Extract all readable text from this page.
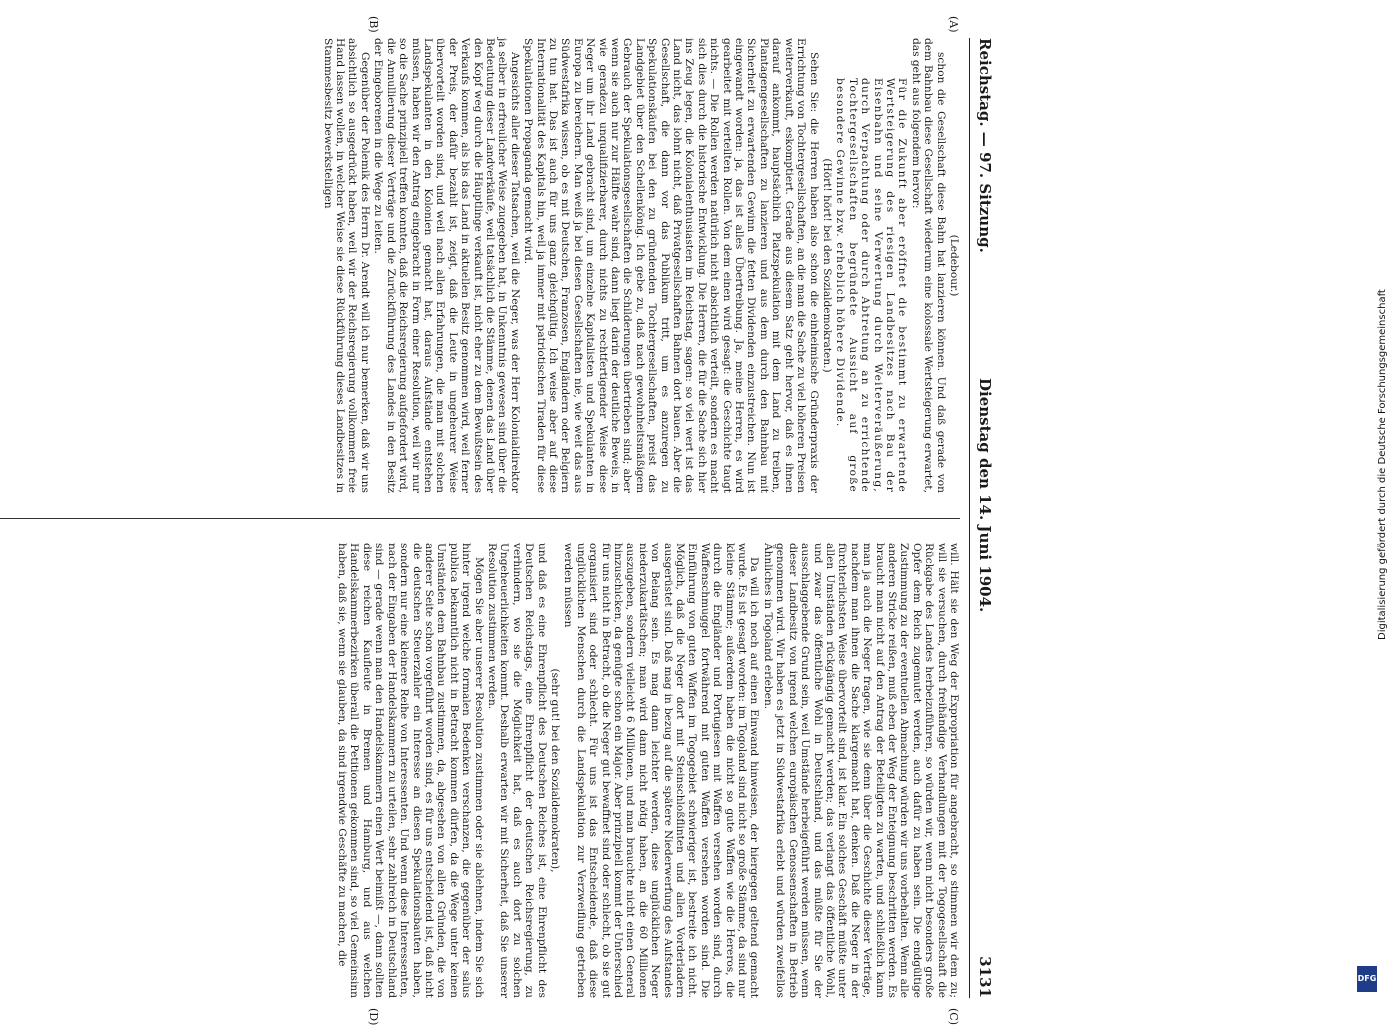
Reichstag. — 97. Sitzung.
Dienstag den 14. Juni 1904.
3131
(A)
(B)
(C)
(D)

(Ledebour.)

schon die Gesellschaft diese Bahn hat lanzieren können. Und daß gerade von dem Bahnbau diese Gesellschaft wiederum eine kolossale Wertsteigerung erwartet, das geht aus folgendem hervor:

Für die Zukunft aber eröffnet die bestimmt zu erwartende Wertsteigerung des riesigen Landbesitzes nach Bau der Eisenbahn und seine Verwertung durch Weiterveräußerung, durch Verpachtung oder durch Abtretung an zu errichtende Tochtergesellschaften begründete Aussicht auf große besondere Gewinne bzw. erheblich höhere Dividende.

(Hört! hört! bei den Sozialdemokraten.)

Sehen Sie: die Herren haben also schon die einheimische Gründerpraxis der Errichtung von Tochtergesellschaften, an die man die Sache zu viel höheren Preisen weiterverkauft, eskomptiert. Gerade aus diesem Satz geht hervor, daß es ihnen darauf ankommt, hauptsächlich Platzspekulation mit dem Land zu treiben, Plantagengesellschaften zu lanzieren und aus dem durch den Bahnbau mit Sicherheit zu erwartenden Gewinn die fetten Dividenden einzustreichen. Nun ist eingewandt worden: ja, das ist alles Übertreibung. Ja, meine Herren, es wird gearbeitet mit verteilten Rollen. Von dem einen wird gesagt: die Geschichte taugt nichts. — Die Rollen werden natürlich nicht absichtlich verteilt, sondern es macht sich dies durch die historische Entwicklung. Die Herren, die für die Sache sich hier ins Zeug legen, die Kolonialenthusiasten im Reichstag, sagen: so viel wert ist das Land nicht, das lohnt nicht, daß Privatgesellschaften Bahnen dort bauen. Aber die Gesellschaft, die dann vor das Publikum tritt, um es anzuregen zu Spekulationskäufen bei den zu gründenden Tochtergesellschaften, preist das Landgebiet über den Schellenkönig. Ich gebe zu, daß nach gewohnheitsmäßigem Gebrauch der Spekulationsgesellschaften die Schilderungen übertrieben sind; aber wenn sie auch nur zur Hälfte wahr sind, dann liegt darin der deutliche Beweis, in wie geradezu unqualifizierbarer, durch nichts zu rechtfertigender Weise diese Neger um ihr Land gebracht sind, um einzelne Kapitalisten und Spekulanten in Europa zu bereichern. Man weiß ja bei diesen Gesellschaften nie, wie weit das aus Südwestafrika wissen, ob es mit Deutschen, Franzosen, Engländern oder Belgiern zu tun hat. Das ist auch für uns ganz gleichgültig. Ich weise aber auf diese Internationalität des Kapitals hin, weil ja immer mit patriotischen Tiraden für diese Spekulationen Propaganda gemacht wird.

Angesichts aller dieser Tatsachen, weil die Neger, was der Herr Kolonialdirektor ja selber in erfreulicher Weise zugegeben hat, in Unkenntnis gewesen sind über die Bedeutung dieser Landverkäufe, weil tatsächlich die Stämme, denen das Land über den Kopf weg durch die Häuptlinge verkauft ist, nicht eher zu dem Bewußtsein des Verkaufs kommen, als bis das Land in aktuellen Besitz genommen wird, weil ferner der Preis, der dafür bezahlt ist, zeigt, daß die Leute in ungeheurer Weise übervorteilt worden sind, und weil nach allen Erfahrungen, die man mit solchen Landspekulanten in den Kolonien gemacht hat, daraus Aufstände entstehen müssen, haben wir den Antrag eingebracht in Form einer Resolution, weil wir nur so die Sache prinzipiell treffen konnten, daß die Reichsregierung aufgefordert wird, die Annullierung dieser Verträge und die Zurückführung des Landes in den Besitz der Eingeborenen in die Wege zu leiten.

Gegenüber der Polemik des Herrn Dr. Arendt will ich nur bemerken, daß wir uns absichtlich so ausgedrückt haben, weil wir der Reichsregierung vollkommen freie Hand lassen wollen, in welcher Weise sie diese Rückführung dieses Landbesitzes in Stammesbesitz bewerkstelligen

will. Hält sie den Weg der Expropriation für angebracht, so stimmen wir dem zu; will sie versuchen, durch freihändige Verhandlungen mit der Togogesellschaft die Rückgabe des Landes herbeizuführen, so würden wir, wenn nicht besonders große Opfer dem Reich zugemutet werden, auch dafür zu haben sein. Die endgültige Zustimmung zu der eventuellen Abmachung würden wir uns vorbehalten. Wenn alle anderen Stricke reißen, muß eben der Weg der Enteignung beschritten werden. Es braucht man nicht auf den Antrag der Beteiligten zu warten, und schließlich kann man ja auch die Neger fragen, wie sie denn über die Geschichte dieser Verträge, nachdem man ihnen die Sache klargemacht hat, denken. Daß die Neger in der fürchterlichsten Weise übervorteilt sind, ist klar. Ein solches Geschäft müßte unter allen Umständen rückgängig gemacht werden; das verlangt das öffentliche Wohl, und zwar das öffentliche Wohl in Deutschland, und das müßte für Sie der ausschlaggebende Grund sein, weil Umstände herbeigeführt werden müssen, wenn dieser Landbesitz von irgend welchen europäischen Genossenschaften in Betrieb genommen wird. Wir haben es jetzt in Südwestafrika erlebt und würden zweifellos Ähnliches in Togoland erleben.

Da will ich noch auf einen Einwand hinweisen, der hiergegen geltend gemacht wurde. Es ist gesagt worden: im Togoland sind nicht so große Stämme, da sind nur kleine Stämme; außerdem haben die nicht so gute Waffen wie die Hereros, die durch die Engländer und Portugiesen mit Waffen versehen worden sind, durch Waffenschmuggel fortwährend mit guten Waffen versehen worden sind. Die Einführung von guten Waffen im Togogebiet schwieriger ist, bestreite ich nicht. Möglich, daß die Neger dort mit Steinschloßflinten und allen Vorderladern ausgerüstet sind. Daß mag in bezug auf die spätere Niederwerfung des Aufstandes von Belang sein. Es mag dann leichter werden, diese unglücklichen Neger niederzukartätschen; man wird dann nicht nötig haben, an die 60 Millionen auszugeben, sondern vielleicht 6 Millionen, und man brauchte nicht einen General hinzuschicken, da genügte schon ein Major. Aber prinzipiell kommt der Unterschied für uns nicht in Betracht, ob die Neger gut bewaffnet sind oder schlecht, ob sie gut organisiert sind oder schlecht. Für uns ist das Entscheidende, daß diese unglücklichen Menschen durch die Landspekulation zur Verzweiflung getrieben werden müssen

(sehr gut! bei den Sozialdemokraten),

und daß es eine Ehrenpflicht des Deutschen Reiches ist, eine Ehrenpflicht des Deutschen Reichstags, eine Ehrenpflicht der deutschen Reichsregierung, zu verhindern, wo sie die Möglichkeit hat, daß es auch dort zu solchen Ungeheuerlichkeiten kommt. Deshalb erwarten wir mit Sicherheit, daß Sie unserer Resolution zustimmen werden.

Mögen Sie aber unserer Resolution zustimmen oder sie ablehnen, indem Sie sich hinter irgend welche formalen Bedenken verschanzen, die gegenüber der salus publica bekanntlich nicht in Betracht kommen dürfen, da die Wege unter keinen Umständen dem Bahnbau zustimmen, da, abgesehen von allen Gründen, die von anderer Seite schon vorgeführt worden sind, es für uns entscheidend ist, daß nicht die deutschen Steuerzahler ein Interesse an diesen Spekulationsbauten haben, sondern nur eine kleinere Reihe von Interessenten. Und wenn diese Interessenten, nach der Eingaben der Handelskammern zu urteilen, sehr zahlreich in Deutschland sind — gerade wenn man den Handelskammern einen Wert beimißt —, dann sollten diese reichen Kaufleute in Bremen und Hamburg, und aus welchen Handelskammerbezirken überall die Petitionen gekommen sind, so viel Gemeinsinn haben, daß sie, wenn sie glauben, da sind irgendwie Geschäfte zu machen, die

Digitalisierung gefördert durch die Deutsche Forschungsgemeinschaft
DFG
